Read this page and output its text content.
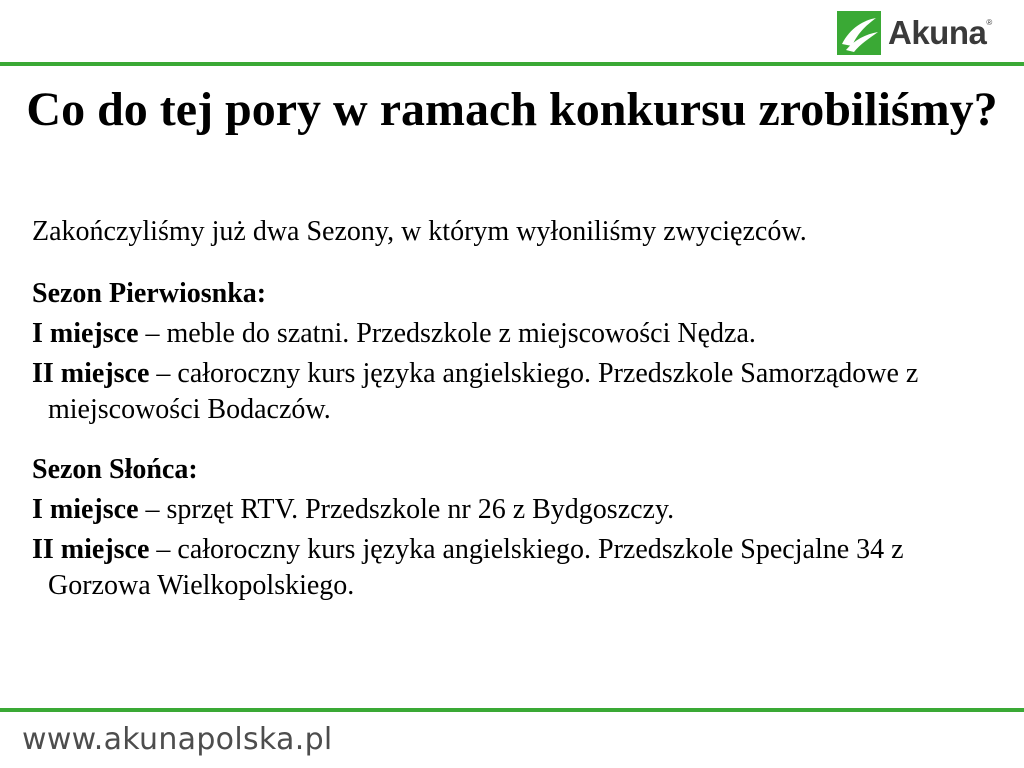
Akuna ®
Co do tej pory w ramach konkursu zrobiliśmy?

Zakończyliśmy już dwa Sezony, w którym wyłoniliśmy zwycięzców.

Sezon Pierwiosnka:

I miejsce – meble do szatni. Przedszkole z miejscowości Nędza.

II miejsce – całoroczny kurs języka angielskiego. Przedszkole Samorządowe z miejscowości Bodaczów.

Sezon Słońca:

I miejsce – sprzęt RTV. Przedszkole nr 26 z Bydgoszczy.

II miejsce – całoroczny kurs języka angielskiego. Przedszkole Specjalne 34 z Gorzowa Wielkopolskiego.

www.akunapolska.pl
